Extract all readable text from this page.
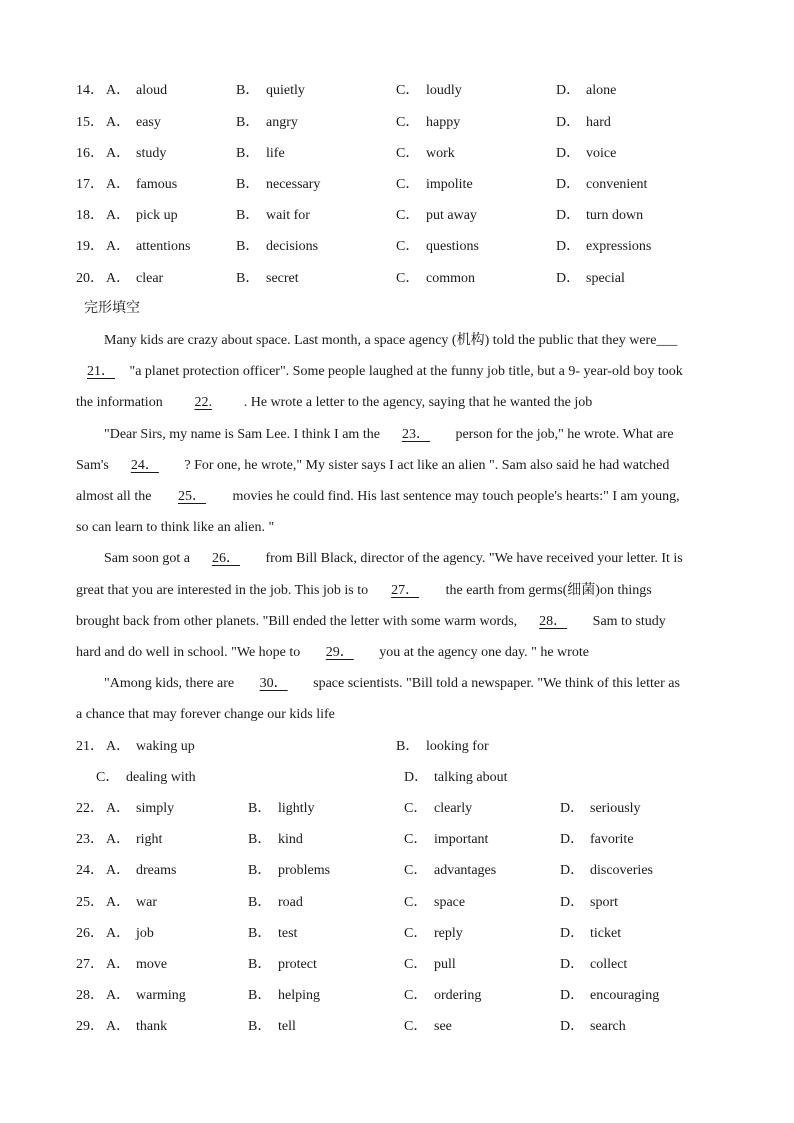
14． A． aloud	B． quietly	C． loudly	D． alone
15． A． easy	B． angry	C． happy	D． hard
16． A． study	B． life	C． work	D． voice
17． A． famous	B． necessary	C． impolite	D． convenient
18． A． pick up	B． wait for	C． put away	D． turn down
19． A． attentions	B． decisions	C． questions	D． expressions
20． A． clear	B． secret	C． common	D． special
完形填空
Many kids are crazy about space. Last month, a space agency (机构) told the public that they were___
21． "a planet protection officer". Some people laughed at the funny job title, but a 9- year-old boy took
the information 22. . He wrote a letter to the agency, saying that he wanted the job
"Dear Sirs, my name is Sam Lee. I think I am the 23． person for the job," he wrote. What are
Sam's 24． ? For one, he wrote," My sister says I act like an alien ". Sam also said he had watched
almost all the 25． movies he could find. His last sentence may touch people's hearts:" I am young,
so can learn to think like an alien. "
Sam soon got a 26． from Bill Black, director of the agency. "We have received your letter. It is
great that you are interested in the job. This job is to 27． the earth from germs(细菌)on things
brought back from other planets. "Bill ended the letter with some warm words, 28． Sam to study
hard and do well in school. "We hope to 29． you at the agency one day. " he wrote
"Among kids, there are 30． space scientists. "Bill told a newspaper. "We think of this letter as
a chance that may forever change our kids life
21． A． waking up	B． looking for
C． dealing with	D． talking about
22． A． simply	B． lightly	C． clearly	D． seriously
23． A． right	B． kind	C． important	D． favorite
24． A． dreams	B． problems	C． advantages	D． discoveries
25． A． war	B． road	C． space	D． sport
26． A． job	B． test	C． reply	D． ticket
27． A． move	B． protect	C． pull	D． collect
28． A． warming	B． helping	C． ordering	D． encouraging
29． A． thank	B． tell	C． see	D． search
